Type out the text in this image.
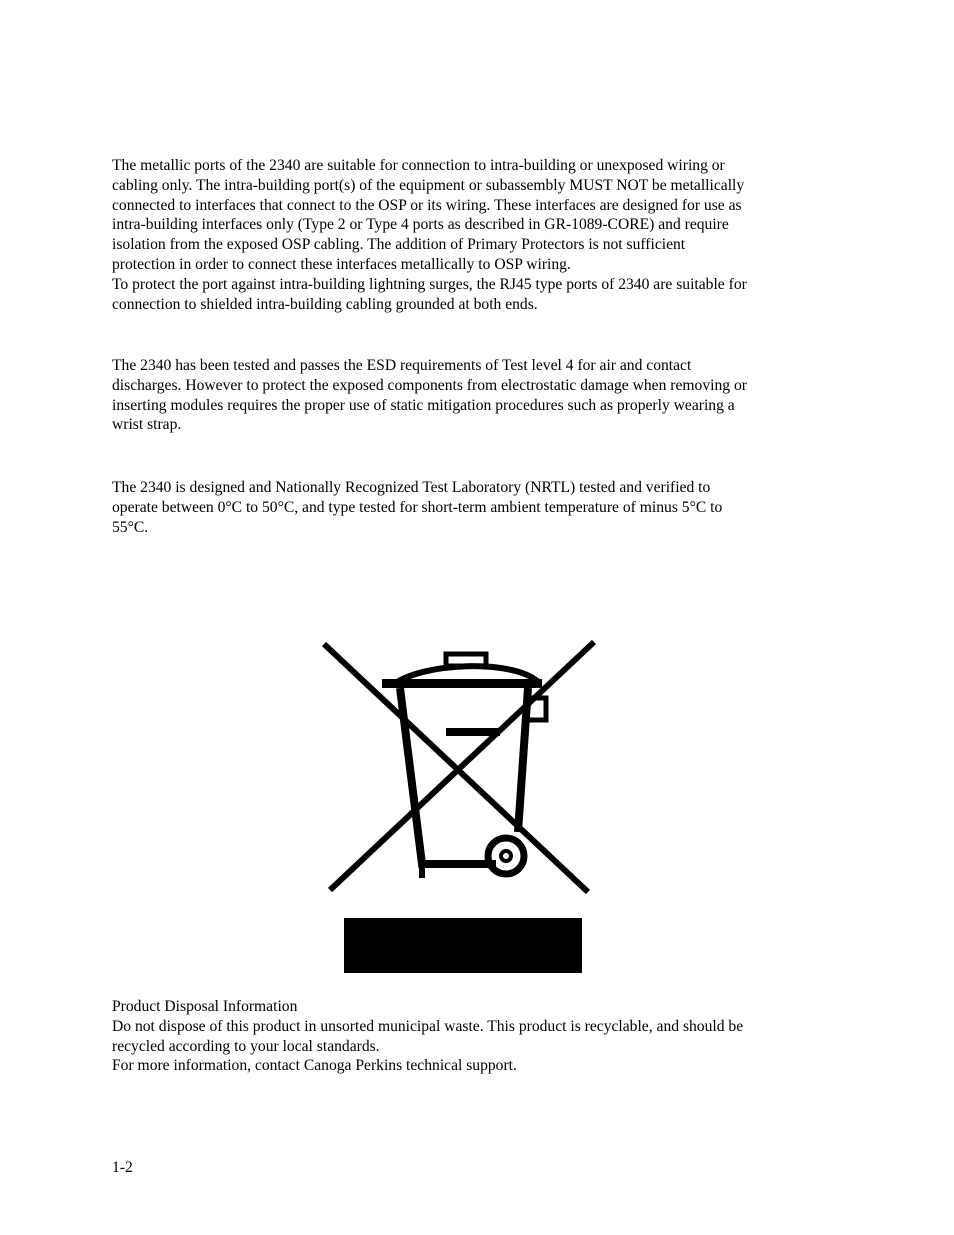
The metallic ports of the 2340 are suitable for connection to intra-building or unexposed wiring or
cabling only. The intra-building port(s) of the equipment or subassembly MUST NOT be metallically
connected to interfaces that connect to the OSP or its wiring. These interfaces are designed for use as
intra-building interfaces only (Type 2 or Type 4 ports as described in GR-1089-CORE) and require
isolation from the exposed OSP cabling. The addition of Primary Protectors is not sufficient
protection in order to connect these interfaces metallically to OSP wiring.
To protect the port against intra-building lightning surges, the RJ45 type ports of 2340 are suitable for
connection to shielded intra-building cabling grounded at both ends.
The 2340 has been tested and passes the ESD requirements of Test level 4 for air and contact
discharges. However to protect the exposed components from electrostatic damage when removing or
inserting modules requires the proper use of static mitigation procedures such as properly wearing a
wrist strap.
The 2340 is designed and Nationally Recognized Test Laboratory (NRTL) tested and verified to
operate between 0°C to 50°C, and type tested for short-term ambient temperature of minus 5°C to
55°C.
Product Disposal Information
Do not dispose of this product in unsorted municipal waste. This product is recyclable, and should be
recycled according to your local standards.
For more information, contact Canoga Perkins technical support.

1-2
